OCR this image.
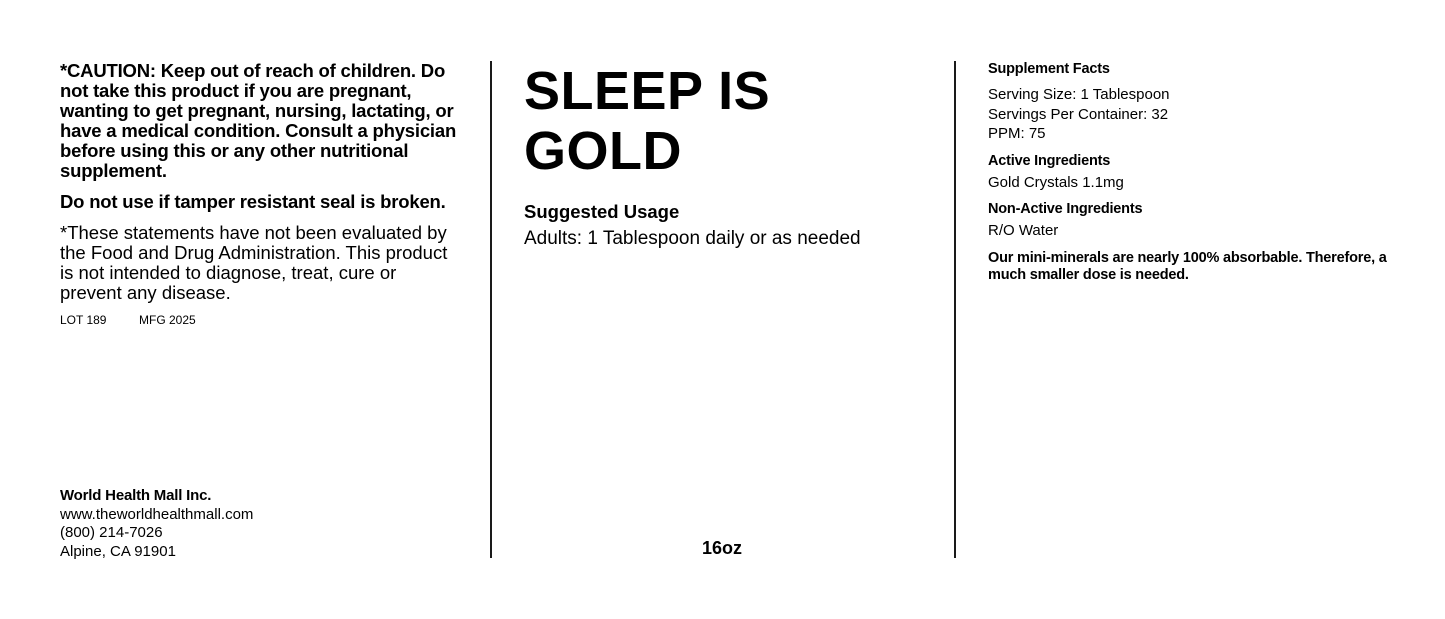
*CAUTION: Keep out of reach of children. Do not take this product if you are pregnant, wanting to get pregnant, nursing, lactating, or have a medical condition. Consult a physician before using this or any other nutritional supplement.

Do not use if tamper resistant seal is broken.

*These statements have not been evaluated by the Food and Drug Administration. This product is not intended to diagnose, treat, cure or prevent any disease.

LOT 189	MFG 2025
World Health Mall Inc.
www.theworldhealthmall.com
(800) 214-7026
Alpine, CA 91901
SLEEP IS GOLD
Suggested Usage

Adults: 1 Tablespoon daily or as needed

16oz
Supplement Facts
Serving Size: 1 Tablespoon
Servings Per Container: 32
PPM: 75
Active Ingredients
Gold Crystals 1.1mg
Non-Active Ingredients
R/O Water

Our mini-minerals are nearly 100% absorbable. Therefore, a much smaller dose is needed.
